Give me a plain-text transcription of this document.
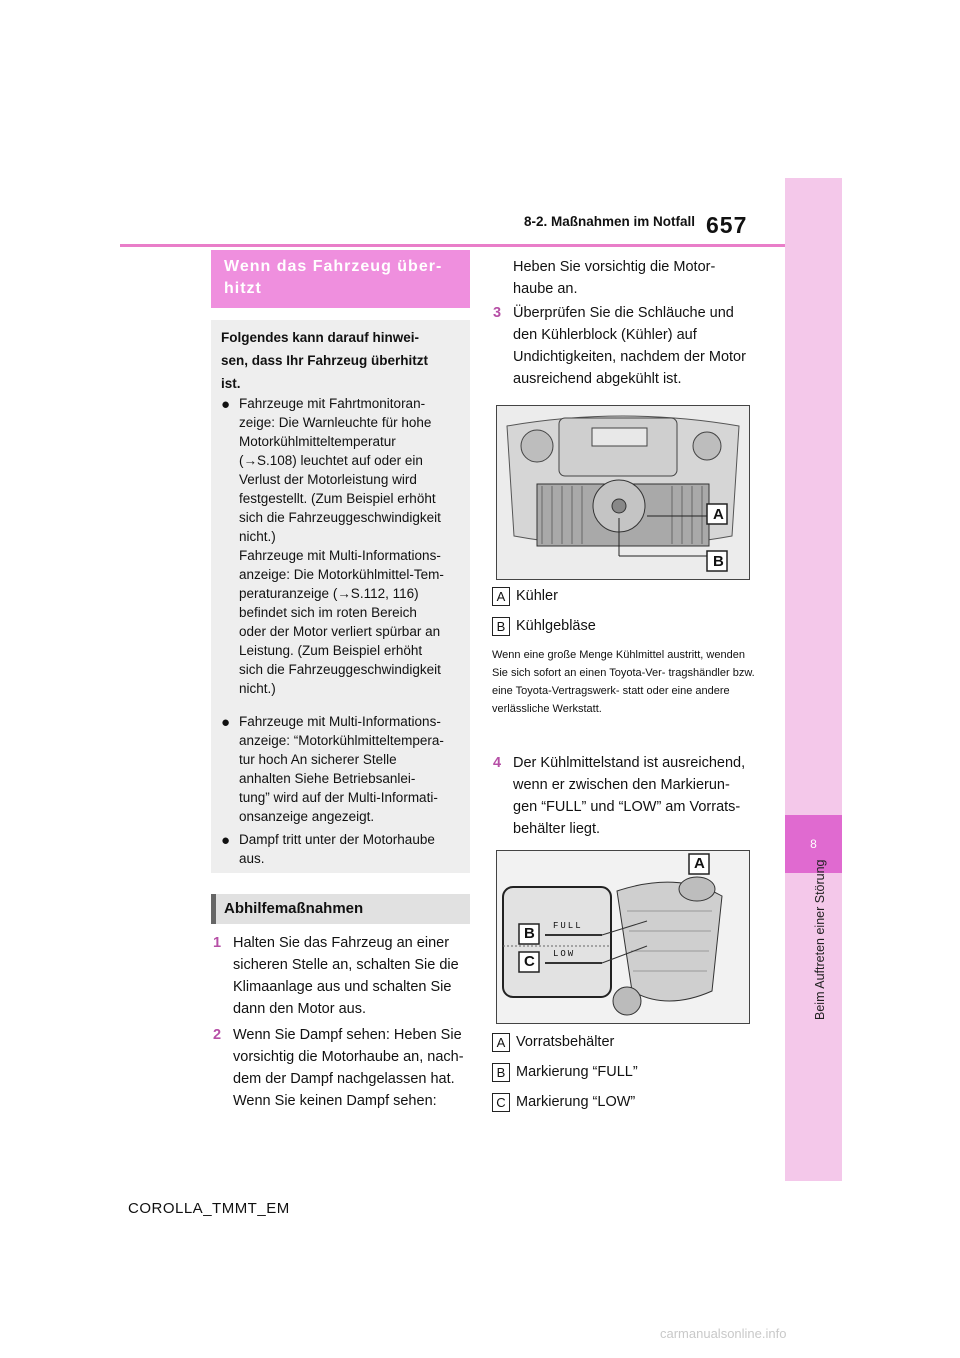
657
8-2. Maßnahmen im Notfall
8
Beim Auftreten einer Störung
Wenn das Fahrzeug über-
hitzt
Folgendes kann darauf hinwei-
sen, dass Ihr Fahrzeug überhitzt
ist.
● Fahrzeuge mit Fahrtmonitoran-
zeige: Die Warnleuchte für hohe
Motorkühlmitteltemperatur
(→S.108) leuchtet auf oder ein
Verlust der Motorleistung wird
festgestellt. (Zum Beispiel erhöht
sich die Fahrzeuggeschwindigkeit
nicht.)
Fahrzeuge mit Multi-Informations-
anzeige: Die Motorkühlmittel-Tem-
peraturanzeige (→S.112, 116)
befindet sich im roten Bereich
oder der Motor verliert spürbar an
Leistung. (Zum Beispiel erhöht
sich die Fahrzeuggeschwindigkeit
nicht.)
● Fahrzeuge mit Multi-Informations-
anzeige: “Motorkühlmitteltempera-
tur hoch An sicherer Stelle
anhalten Siehe Betriebsanlei-
tung” wird auf der Multi-Informati-
onsanzeige angezeigt.
● Dampf tritt unter der Motorhaube
aus.
Abhilfemaßnahmen
1 Halten Sie das Fahrzeug an einer sicheren Stelle an, schalten Sie die Klimaanlage aus und schalten Sie dann den Motor aus.
2 Wenn Sie Dampf sehen: Heben Sie vorsichtig die Motorhaube an, nach- dem der Dampf nachgelassen hat. Wenn Sie keinen Dampf sehen:
Heben Sie vorsichtig die Motor- haube an.
3 Überprüfen Sie die Schläuche und den Kühlerblock (Kühler) auf Undichtigkeiten, nachdem der Motor ausreichend abgekühlt ist.
A
B
A Kühler
B Kühlgebläse
Wenn eine große Menge Kühlmittel austritt, wenden Sie sich sofort an einen Toyota-Ver- tragshändler bzw. eine Toyota-Vertragswerk- statt oder eine andere verlässliche Werkstatt.
4 Der Kühlmittelstand ist ausreichend, wenn er zwischen den Markierun- gen “FULL” und “LOW” am Vorrats- behälter liegt.
FULL
LOW
B
C
A
A Vorratsbehälter
B Markierung “FULL”
C Markierung “LOW”
COROLLA_TMMT_EM
carmanualsonline.info
